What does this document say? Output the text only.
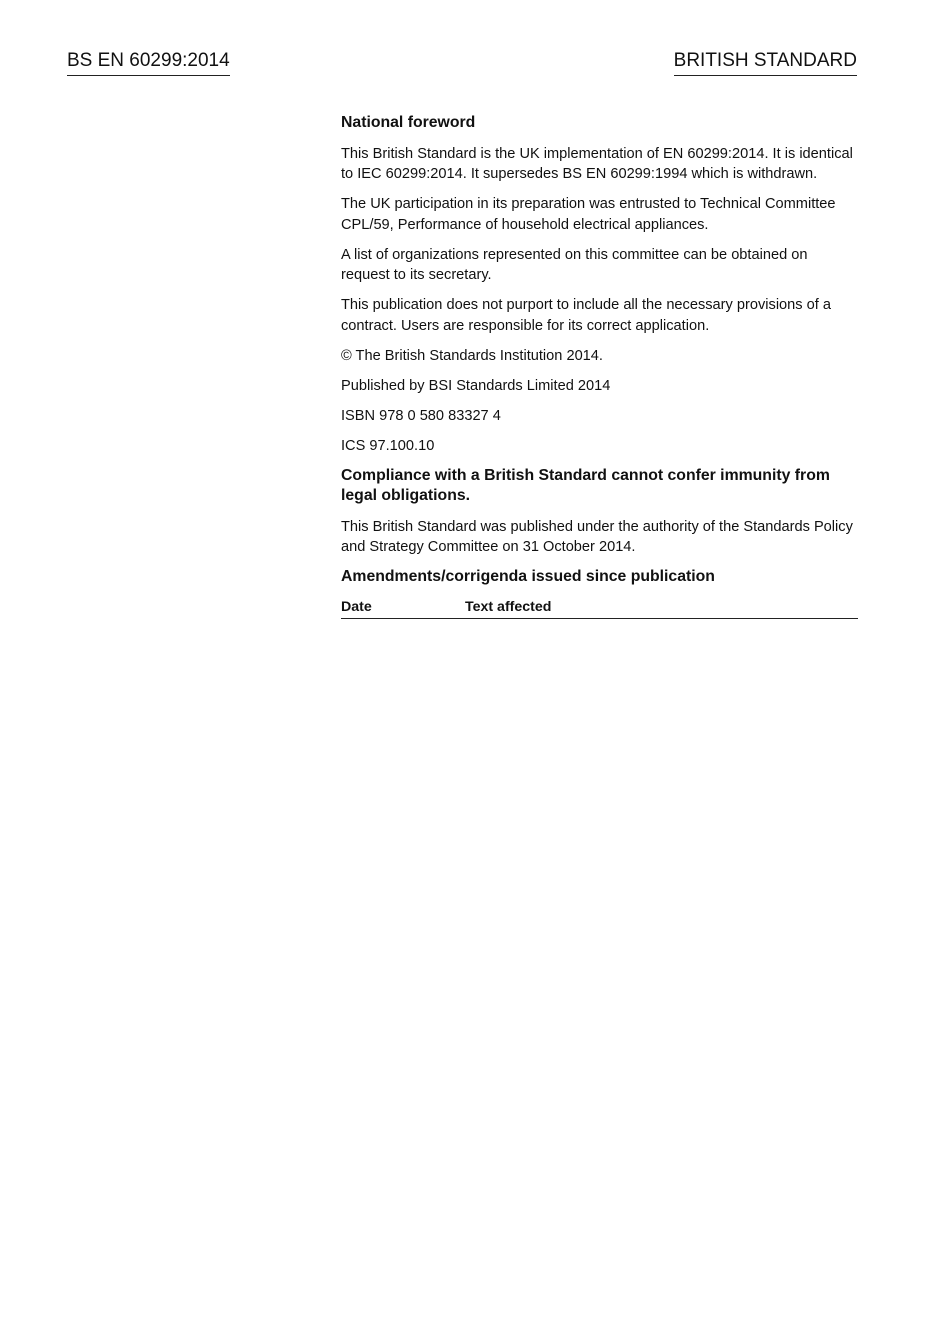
BS EN 60299:2014	BRITISH STANDARD

National foreword

This British Standard is the UK implementation of EN 60299:2014. It is identical to IEC 60299:2014. It supersedes BS EN 60299:1994 which is withdrawn.

The UK participation in its preparation was entrusted to Technical Committee CPL/59, Performance of household electrical appliances.

A list of organizations represented on this committee can be obtained on request to its secretary.

This publication does not purport to include all the necessary provisions of a contract. Users are responsible for its correct application.

© The British Standards Institution 2014.

Published by BSI Standards Limited 2014

ISBN 978 0 580 83327 4

ICS 97.100.10

Compliance with a British Standard cannot confer immunity from legal obligations.

This British Standard was published under the authority of the Standards Policy and Strategy Committee on 31 October 2014.

Amendments/corrigenda issued since publication

Date	Text affected
